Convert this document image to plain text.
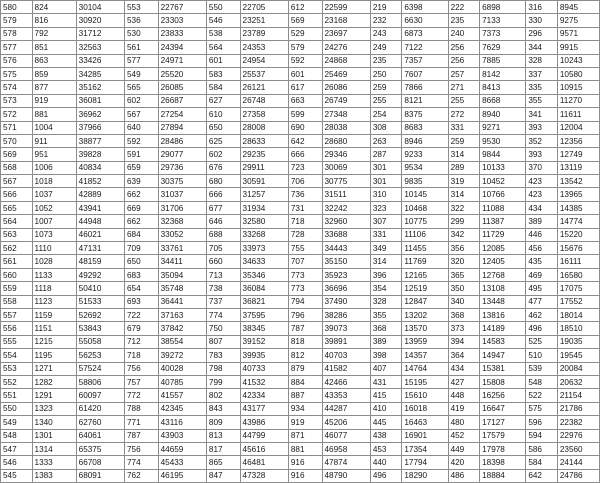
580	824	30104	553	22767	550	22705	612	22599	219	6398	222	6898	316	8945
579	816	30920	536	23303	546	23251	569	23168	232	6630	235	7133	330	9275
578	792	31712	530	23833	538	23789	529	23697	243	6873	240	7373	296	9571
577	851	32563	561	24394	564	24353	579	24276	249	7122	256	7629	344	9915
576	863	33426	577	24971	601	24954	592	24868	235	7357	256	7885	328	10243
575	859	34285	549	25520	583	25537	601	25469	250	7607	257	8142	337	10580
574	877	35162	565	26085	584	26121	617	26086	259	7866	271	8413	335	10915
573	919	36081	602	26687	627	26748	663	26749	255	8121	255	8668	355	11270
572	881	36962	567	27254	610	27358	599	27348	254	8375	272	8940	341	11611
571	1004	37966	640	27894	650	28008	690	28038	308	8683	331	9271	393	12004
570	911	38877	592	28486	625	28633	642	28680	263	8946	259	9530	352	12356
569	951	39828	591	29077	602	29235	666	29346	287	9233	314	9844	393	12749
568	1006	40834	659	29736	676	29911	723	30069	301	9534	289	10133	370	13119
567	1018	41852	639	30375	680	30591	706	30775	301	9835	319	10452	423	13542
566	1037	42889	662	31037	666	31257	736	31511	310	10145	314	10766	423	13965
565	1052	43941	669	31706	677	31934	731	32242	323	10468	322	11088	434	14385
564	1007	44948	662	32368	646	32580	718	32960	307	10775	299	11387	389	14774
563	1073	46021	684	33052	688	33268	728	33688	331	11106	342	11729	446	15220
562	1110	47131	709	33761	705	33973	755	34443	349	11455	356	12085	456	15676
561	1028	48159	650	34411	660	34633	707	35150	314	11769	320	12405	435	16111
560	1133	49292	683	35094	713	35346	773	35923	396	12165	365	12768	469	16580
559	1118	50410	654	35748	738	36084	773	36696	354	12519	350	13108	495	17075
558	1123	51533	693	36441	737	36821	794	37490	328	12847	340	13448	477	17552
557	1159	52692	722	37163	774	37595	796	38286	355	13202	368	13816	462	18014
556	1151	53843	679	37842	750	38345	787	39073	368	13570	373	14189	496	18510
555	1215	55058	712	38554	807	39152	818	39891	389	13959	394	14583	525	19035
554	1195	56253	718	39272	783	39935	812	40703	398	14357	364	14947	510	19545
553	1271	57524	756	40028	798	40733	879	41582	407	14764	434	15381	539	20084
552	1282	58806	757	40785	799	41532	884	42466	431	15195	427	15808	548	20632
551	1291	60097	772	41557	802	42334	887	43353	415	15610	448	16256	522	21154
550	1323	61420	788	42345	843	43177	934	44287	410	16018	419	16647	575	21786
549	1340	62760	771	43116	809	43986	919	45206	445	16463	480	17127	596	22382
548	1301	64061	787	43903	813	44799	871	46077	438	16901	452	17579	594	22976
547	1314	65375	756	44659	817	45616	881	46958	453	17354	449	17978	586	23560
546	1333	66708	774	45433	865	46481	916	47874	440	17794	420	18398	584	24144
545	1383	68091	762	46195	847	47328	916	48790	496	18290	486	18884	642	24786
